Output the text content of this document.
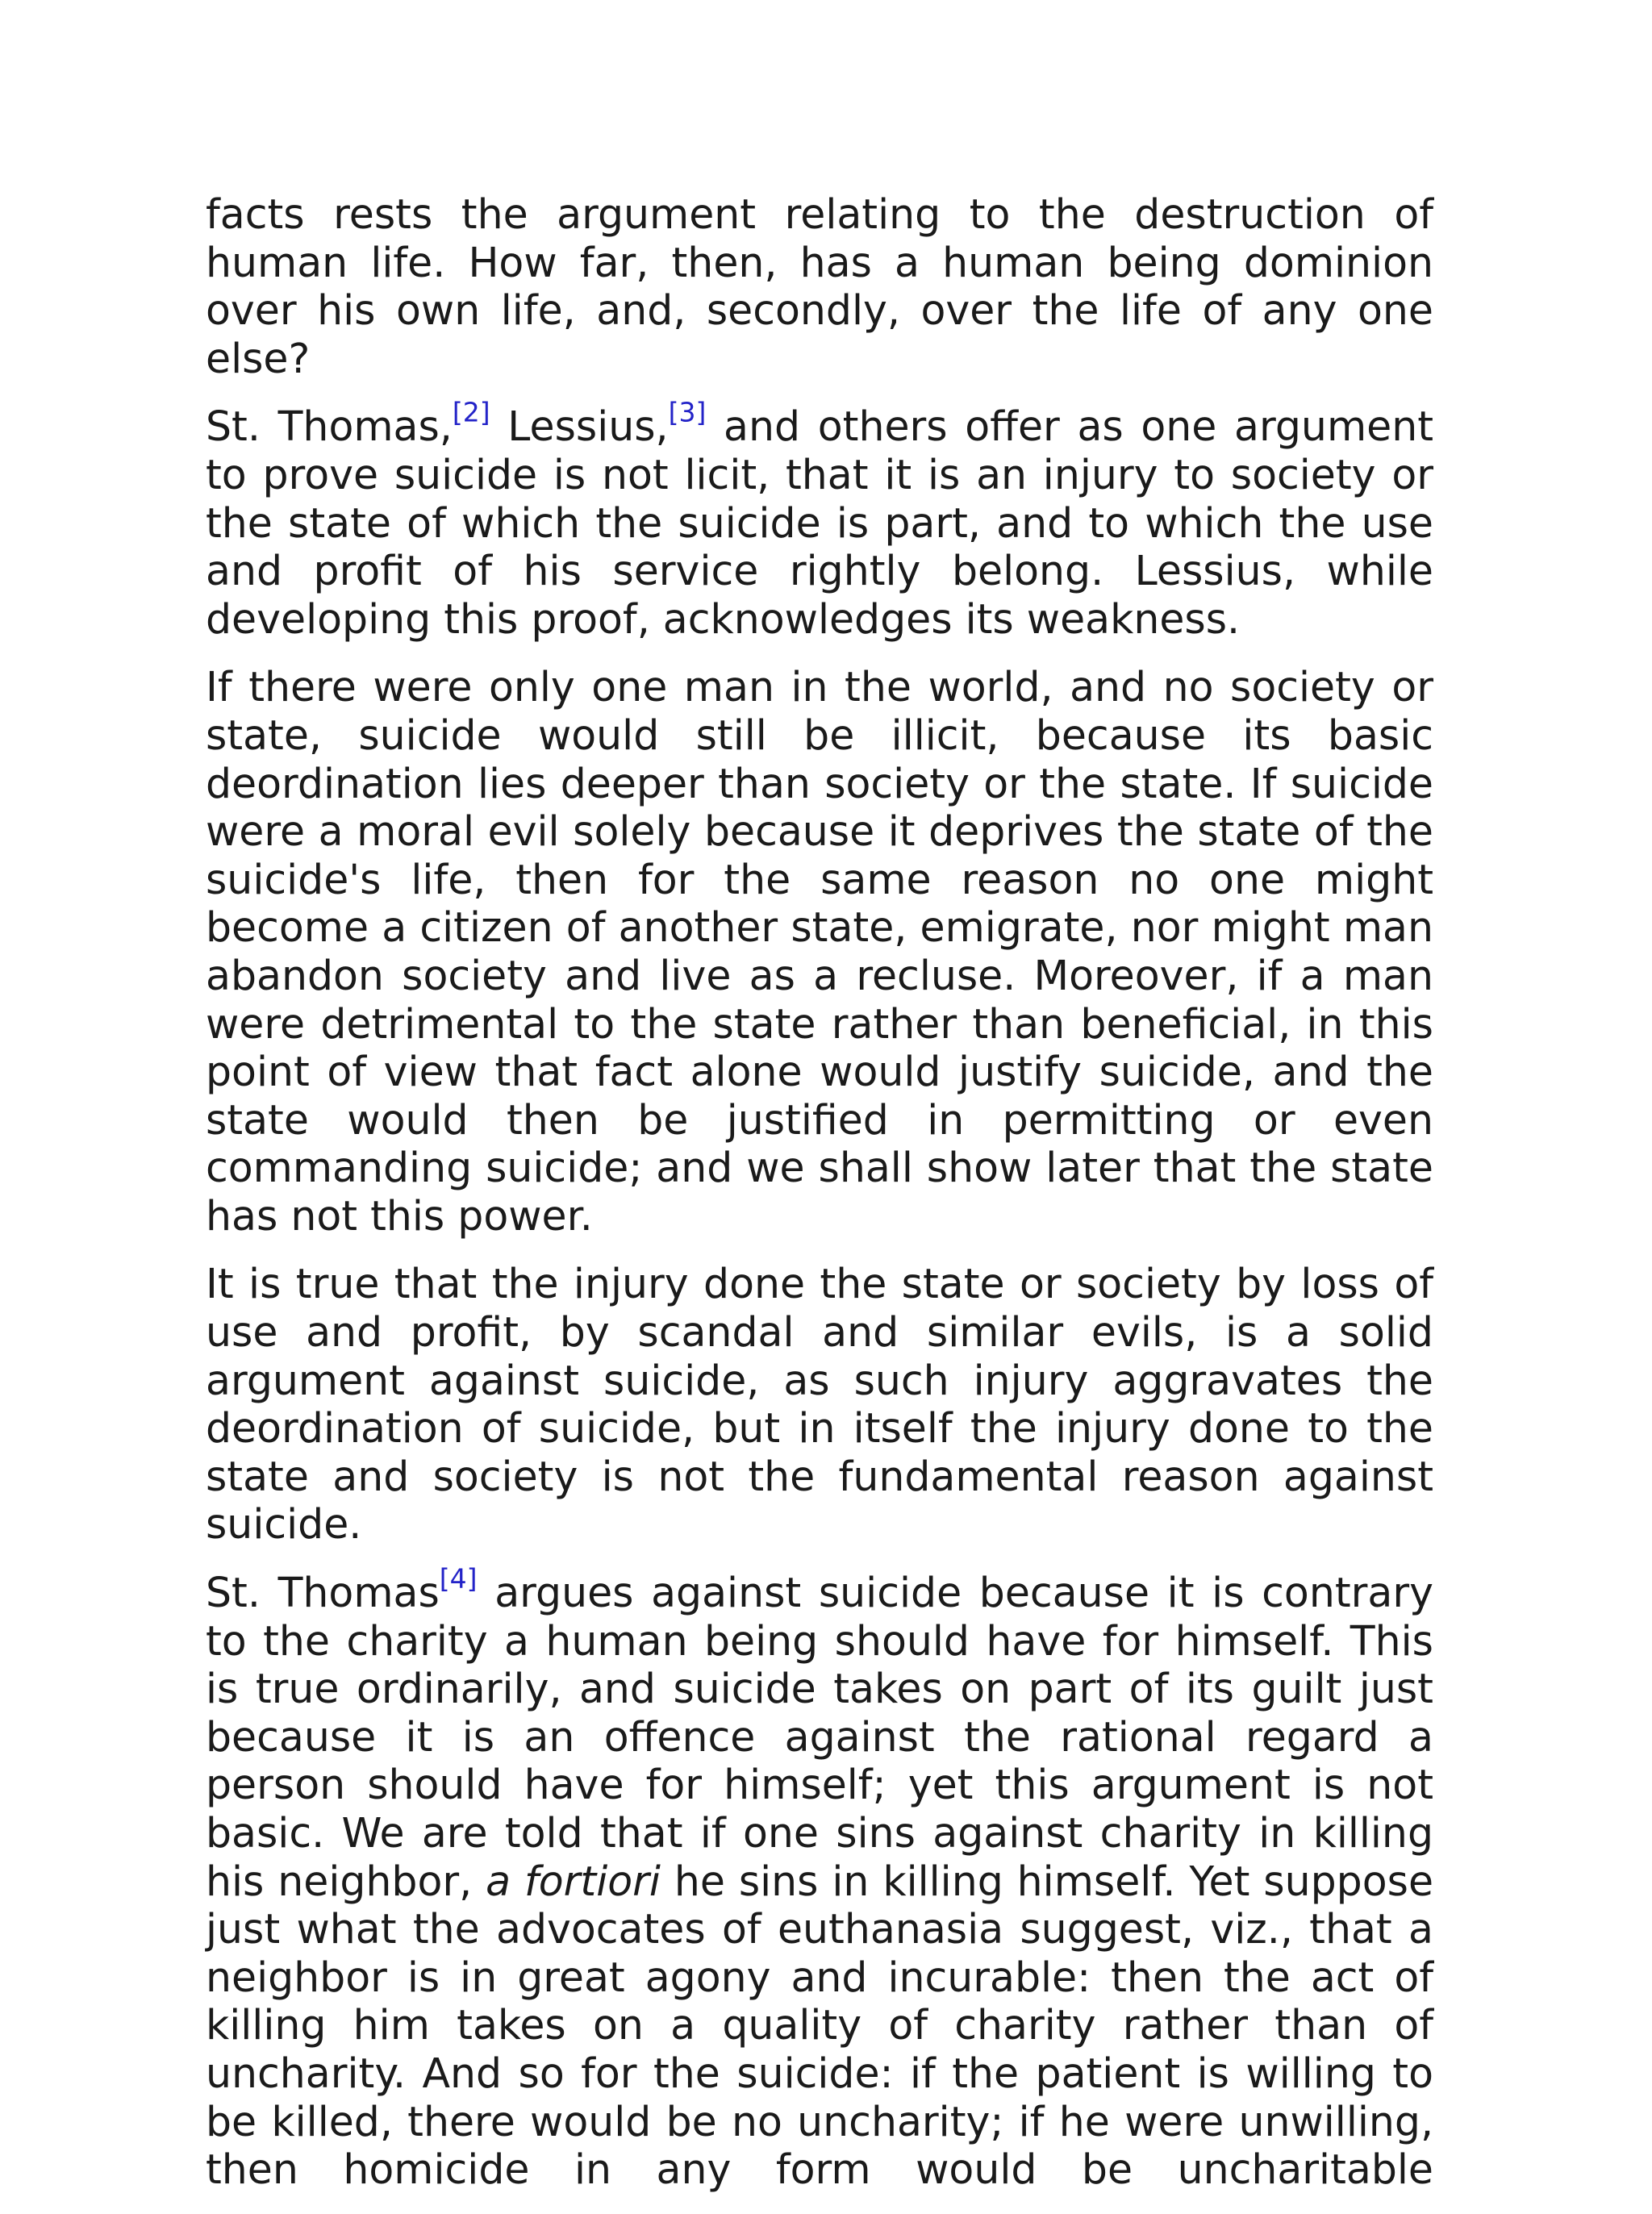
facts rests the argument relating to the destruction of human life. How far, then, has a human being dominion over his own life, and, secondly, over the life of any one else?

St. Thomas,[2] Lessius,[3] and others offer as one argument to prove suicide is not licit, that it is an injury to society or the state of which the suicide is part, and to which the use and profit of his service rightly belong. Lessius, while developing this proof, acknowledges its weakness.

If there were only one man in the world, and no society or state, suicide would still be illicit, because its basic deordination lies deeper than society or the state. If suicide were a moral evil solely because it deprives the state of the suicide's life, then for the same reason no one might become a citizen of another state, emigrate, nor might man abandon society and live as a recluse. Moreover, if a man were detrimental to the state rather than beneficial, in this point of view that fact alone would justify suicide, and the state would then be justified in permitting or even commanding suicide; and we shall show later that the state has not this power.

It is true that the injury done the state or society by loss of use and profit, by scandal and similar evils, is a solid argument against suicide, as such injury aggravates the deordination of suicide, but in itself the injury done to the state and society is not the fundamental reason against suicide.

St. Thomas[4] argues against suicide because it is contrary to the charity a human being should have for himself. This is true ordinarily, and suicide takes on part of its guilt just because it is an offence against the rational regard a person should have for himself; yet this argument is not basic. We are told that if one sins against charity in killing his neighbor, a fortiori he sins in killing himself. Yet suppose just what the advocates of euthanasia suggest, viz., that a neighbor is in great agony and incurable: then the act of killing him takes on a quality of charity rather than of uncharity. And so for the suicide: if the patient is willing to be killed, there would be no uncharity; if he were unwilling, then homicide in any form would be uncharitable
